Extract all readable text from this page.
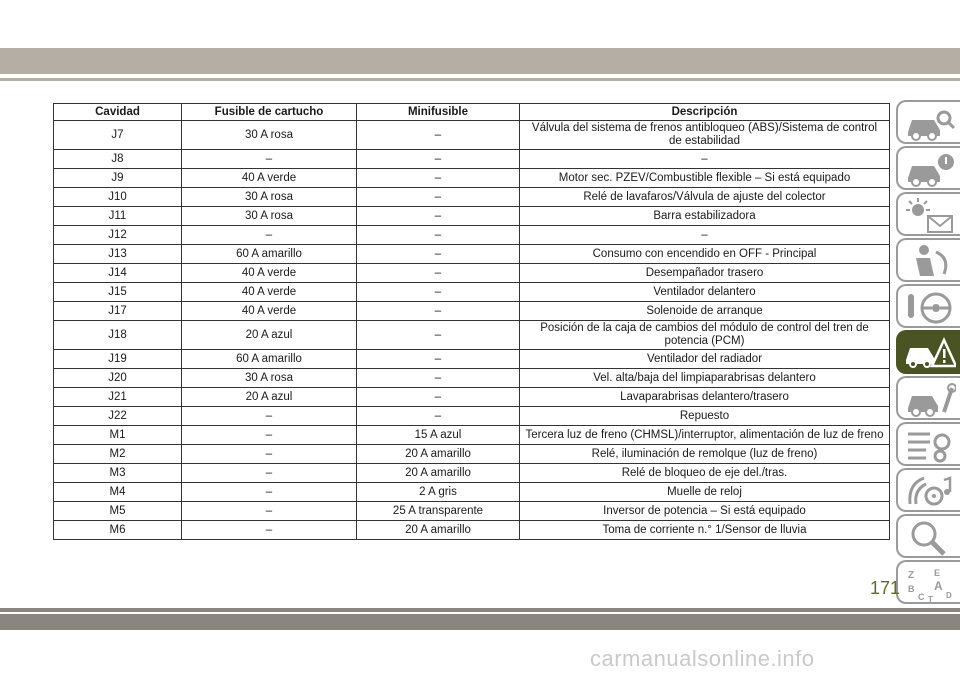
Cavidad	Fusible de cartucho	Minifusible	Descripción
J7	30 A rosa	–	Válvula del sistema de frenos antibloqueo (ABS)/Sistema de control de estabilidad
J8	–	–	–
J9	40 A verde	–	Motor sec. PZEV/Combustible flexible – Si está equipado
J10	30 A rosa	–	Relé de lavafaros/Válvula de ajuste del colector
J11	30 A rosa	–	Barra estabilizadora
J12	–	–	–
J13	60 A amarillo	–	Consumo con encendido en OFF - Principal
J14	40 A verde	–	Desempañador trasero
J15	40 A verde	–	Ventilador delantero
J17	40 A verde	–	Solenoide de arranque
J18	20 A azul	–	Posición de la caja de cambios del módulo de control del tren de potencia (PCM)
J19	60 A amarillo	–	Ventilador del radiador
J20	30 A rosa	–	Vel. alta/baja del limpiaparabrisas delantero
J21	20 A azul	–	Lavaparabrisas delantero/trasero
J22	–	–	Repuesto
M1	–	15 A azul	Tercera luz de freno (CHMSL)/interruptor, alimentación de luz de freno
M2	–	20 A amarillo	Relé, iluminación de remolque (luz de freno)
M3	–	20 A amarillo	Relé de bloqueo de eje del./tras.
M4	–	2 A gris	Muelle de reloj
M5	–	25 A transparente	Inversor de potencia – Si está equipado
M6	–	20 A amarillo	Toma de corriente n.° 1/Sensor de lluvia
Z E
B A
C T D
171
carmanualsonline.info
